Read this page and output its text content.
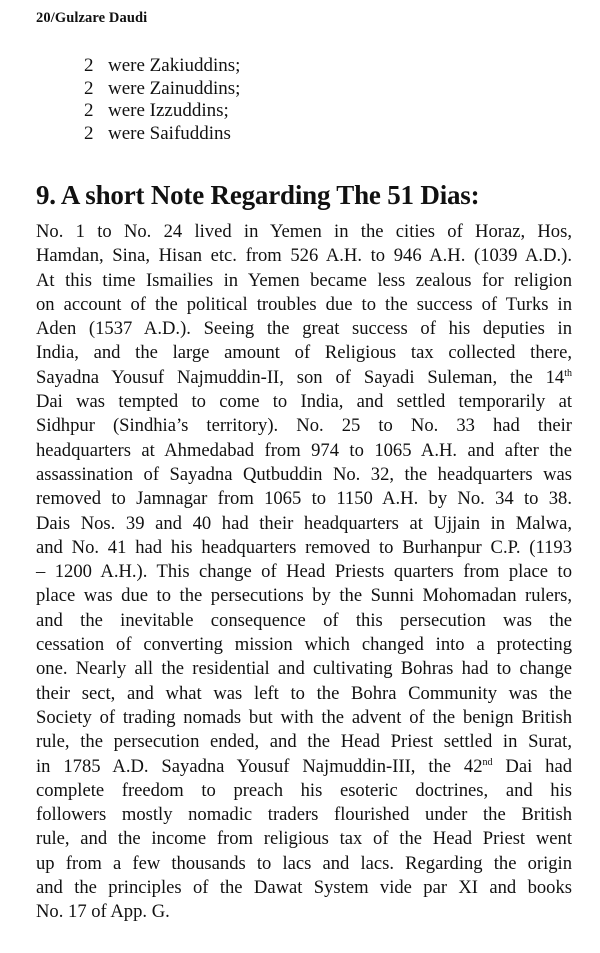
20/Gulzare Daudi
2 were Zakiuddins;
2 were Zainuddins;
2 were Izzuddins;
2 were Saifuddins
9. A short Note Regarding The 51 Dias:
No. 1 to No. 24 lived in Yemen in the cities of Horaz, Hos,
Hamdan, Sina, Hisan etc. from 526 A.H. to 946 A.H. (1039 A.D.).
At this time Ismailies in Yemen became less zealous for religion
on account of the political troubles due to the success of Turks in
Aden (1537 A.D.). Seeing the great success of his deputies in
India, and the large amount of Religious tax collected there,
Sayadna Yousuf Najmuddin-II, son of Sayadi Suleman, the 14th
Dai was tempted to come to India, and settled temporarily at
Sidhpur (Sindhia’s territory). No. 25 to No. 33 had their
headquarters at Ahmedabad from 974 to 1065 A.H. and after the
assassination of Sayadna Qutbuddin No. 32, the headquarters was
removed to Jamnagar from 1065 to 1150 A.H. by No. 34 to 38.
Dais Nos. 39 and 40 had their headquarters at Ujjain in Malwa,
and No. 41 had his headquarters removed to Burhanpur C.P. (1193
– 1200 A.H.). This change of Head Priests quarters from place to
place was due to the persecutions by the Sunni Mohomadan rulers,
and the inevitable consequence of this persecution was the
cessation of converting mission which changed into a protecting
one. Nearly all the residential and cultivating Bohras had to change
their sect, and what was left to the Bohra Community was the
Society of trading nomads but with the advent of the benign British
rule, the persecution ended, and the Head Priest settled in Surat,
in 1785 A.D. Sayadna Yousuf Najmuddin-III, the 42nd Dai had
complete freedom to preach his esoteric doctrines, and his
followers mostly nomadic traders flourished under the British
rule, and the income from religious tax of the Head Priest went
up from a few thousands to lacs and lacs. Regarding the origin
and the principles of the Dawat System vide par XI and books
No. 17 of App. G.
